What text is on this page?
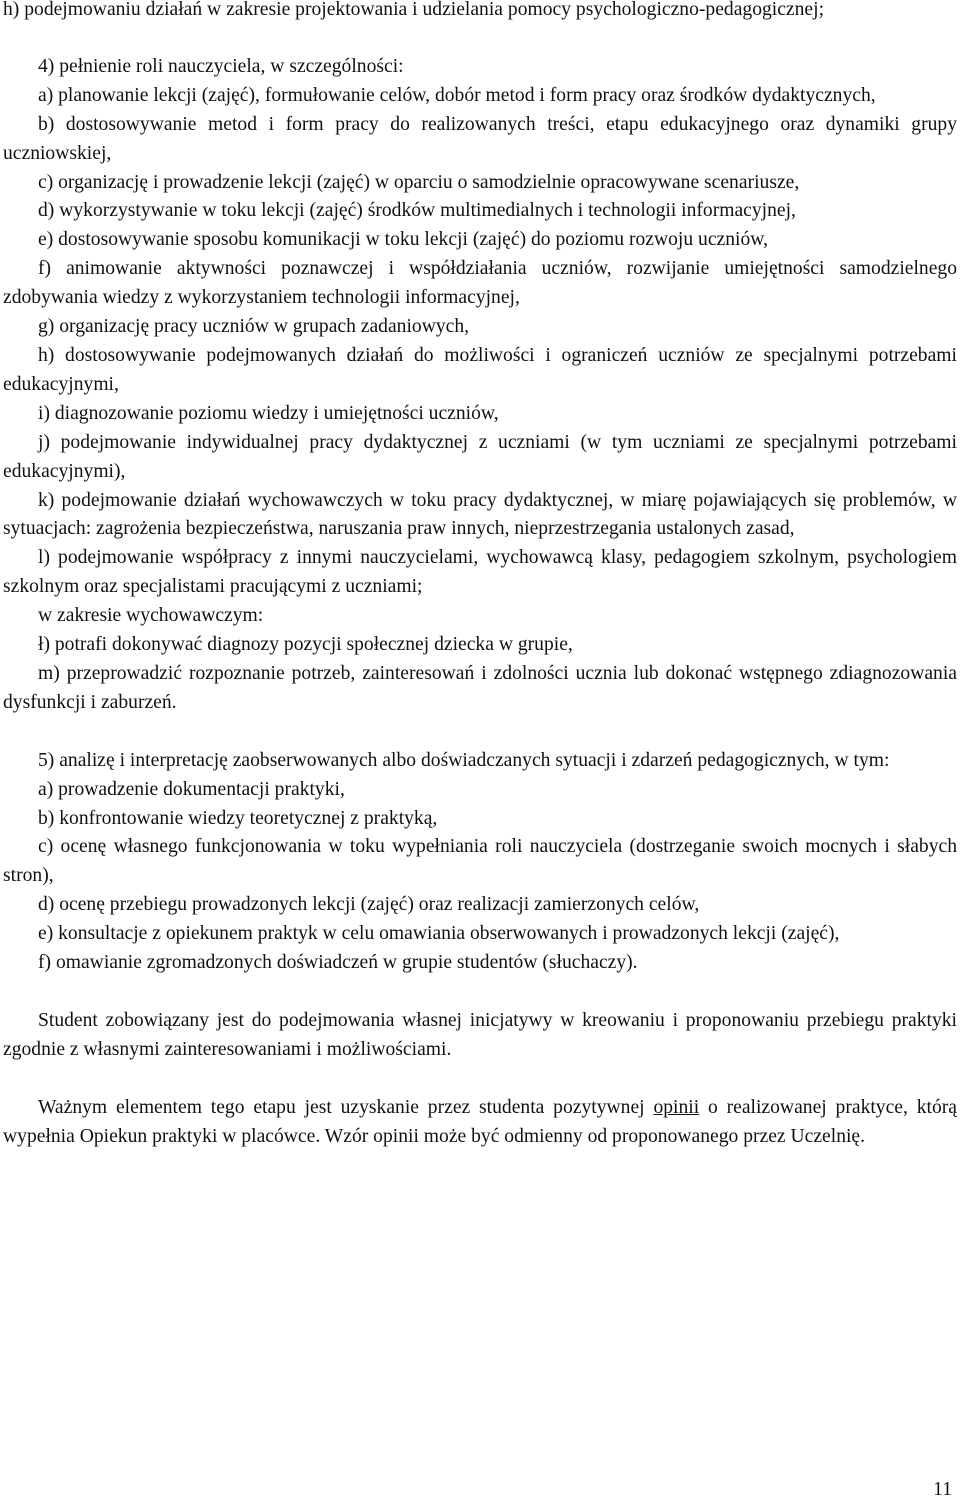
h) podejmowaniu działań w zakresie projektowania i udzielania pomocy psychologiczno-pedagogicznej;

4) pełnienie roli nauczyciela, w szczególności:

a) planowanie lekcji (zajęć), formułowanie celów, dobór metod i form pracy oraz środków dydaktycznych,

b) dostosowywanie metod i form pracy do realizowanych treści, etapu edukacyjnego oraz dynamiki grupy uczniowskiej,

c) organizację i prowadzenie lekcji (zajęć) w oparciu o samodzielnie opracowywane scenariusze,

d) wykorzystywanie w toku lekcji (zajęć) środków multimedialnych i technologii informacyjnej,

e) dostosowywanie sposobu komunikacji w toku lekcji (zajęć) do poziomu rozwoju uczniów,

f) animowanie aktywności poznawczej i współdziałania uczniów, rozwijanie umiejętności samodzielnego zdobywania wiedzy z wykorzystaniem technologii informacyjnej,

g) organizację pracy uczniów w grupach zadaniowych,

h) dostosowywanie podejmowanych działań do możliwości i ograniczeń uczniów ze specjalnymi potrzebami edukacyjnymi,

i) diagnozowanie poziomu wiedzy i umiejętności uczniów,

j) podejmowanie indywidualnej pracy dydaktycznej z uczniami (w tym uczniami ze specjalnymi potrzebami edukacyjnymi),

k) podejmowanie działań wychowawczych w toku pracy dydaktycznej, w miarę pojawiających się problemów, w sytuacjach: zagrożenia bezpieczeństwa, naruszania praw innych, nieprzestrzegania ustalonych zasad,

l) podejmowanie współpracy z innymi nauczycielami, wychowawcą klasy, pedagogiem szkolnym, psychologiem szkolnym oraz specjalistami pracującymi z uczniami;

w zakresie wychowawczym:

ł) potrafi dokonywać diagnozy pozycji społecznej dziecka w grupie,

m) przeprowadzić rozpoznanie potrzeb, zainteresowań i zdolności ucznia lub dokonać wstępnego zdiagnozowania dysfunkcji i zaburzeń.

5) analizę i interpretację zaobserwowanych albo doświadczanych sytuacji i zdarzeń pedagogicznych, w tym:

a) prowadzenie dokumentacji praktyki,

b) konfrontowanie wiedzy teoretycznej z praktyką,

c) ocenę własnego funkcjonowania w toku wypełniania roli nauczyciela (dostrzeganie swoich mocnych i słabych stron),

d) ocenę przebiegu prowadzonych lekcji (zajęć) oraz realizacji zamierzonych celów,

e) konsultacje z opiekunem praktyk w celu omawiania obserwowanych i prowadzonych lekcji (zajęć),

f) omawianie zgromadzonych doświadczeń w grupie studentów (słuchaczy).

Student zobowiązany jest do podejmowania własnej inicjatywy w kreowaniu i proponowaniu przebiegu praktyki zgodnie z własnymi zainteresowaniami i możliwościami.

Ważnym elementem tego etapu jest uzyskanie przez studenta pozytywnej opinii o realizowanej praktyce, którą wypełnia Opiekun praktyki w placówce. Wzór opinii może być odmienny od proponowanego przez Uczelnię.

11
